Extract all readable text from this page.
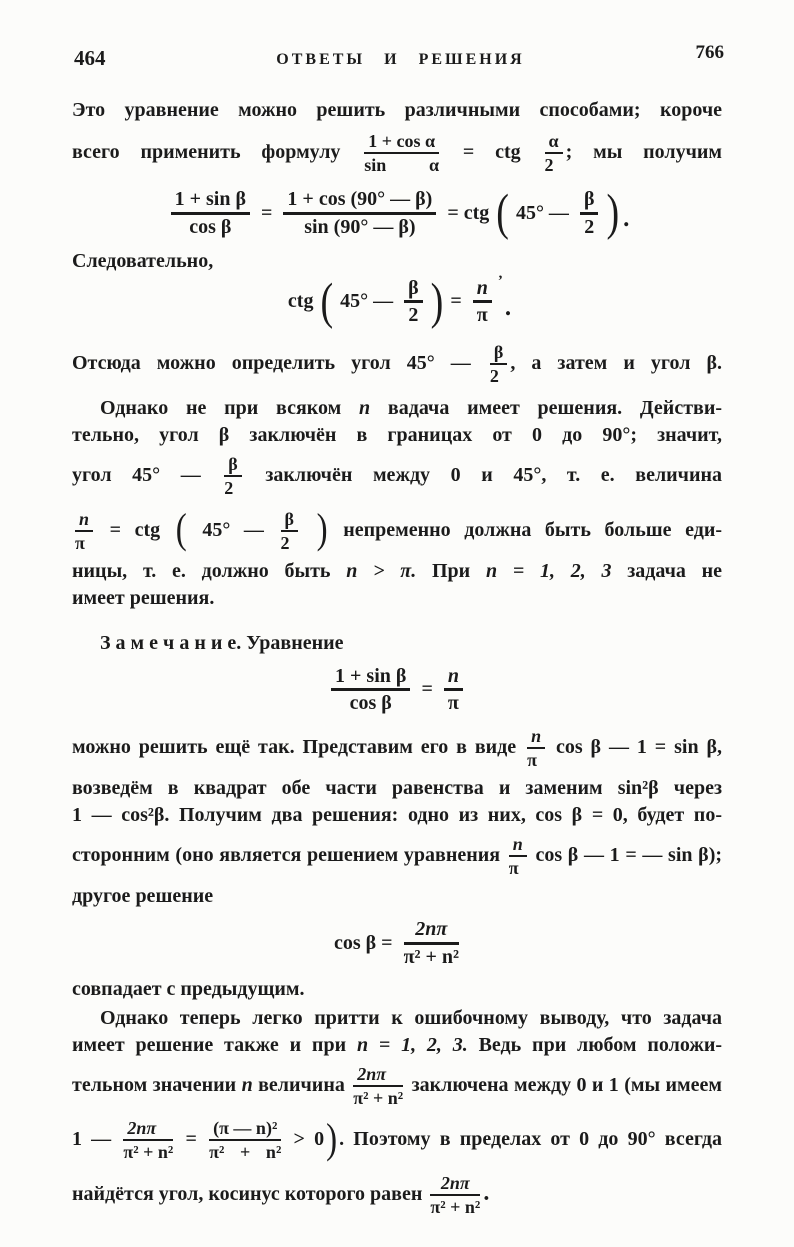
464	ОТВЕТЫ И РЕШЕНИЯ	766
Это уравнение можно решить различными способами; короче
всего применить формулу $\frac{\text{1 + cos α}}{\text{sin α}}$ = ctg $\frac{\alpha}{2}$ ; мы получим
$\frac{\text{1 + sin β}}{\text{cos β}} = \frac{1 + \cos (90^\circ — \beta)}{\sin (90^\circ — \beta)}$ = ctg ( 45° — $\frac{\beta}{2}$ ) .
Следовательно,
ctg ( 45° — $\frac{\beta}{2}$ ) = $\frac{n}{\pi}$ ’
.
Отсюда можно определить угол 45° — $\frac{\beta}{2}$ , а затем и угол β.
Однако не при всяком n вадача имеет решения. Действи-
тельно, угол β заключён в границах от 0 до 90°; значит,
угол 45° — $\frac{\beta}{2}$ заключён между 0 и 45°, т. е. величина
$\frac{n}{\pi}$ = ctg ( 45° — $\frac{\beta}{2}$ ) непременно должна быть больше еди-
ницы, т. е. должно быть n > π. При n = 1, 2, 3 задача не
имеет решения.
З а м е ч а н и е. Уравнение
$\frac{\text{1 + sin β}}{\text{cos β}} = \frac{n}{\pi}$
можно решить ещё так. Представим его в виде $\frac{n}{\pi}$ cos β — 1 = sin β,
возведём в квадрат обе части равенства и заменим sin²β через
1 — cos²β. Получим два решения: одно из них, cos β = 0, будет по-
сторонним (оно является решением уравнения $\frac{n}{\pi}$ cos β — 1 = — sin β);
другое решение
$\cos \beta = \frac{2n\pi}{\text{π² + n²}}$
совпадает с предыдущим.
Однако теперь легко притти к ошибочному выводу, что задача
имеет решение также и при n = 1, 2, 3. Ведь при любом положи-
тельном значении n величина $\frac{2n\pi}{\text{π² + n²}}$ заключена между 0 и 1 (мы имеем
1 — $\frac{2n\pi}{\text{π² + n²}} = \frac{\text{(π — n)²}}{\text{π² + n²}} > 0$) . Поэтому в пределах от 0 до 90° всегда
найдётся угол, косинус которого равен $\frac{2n\pi}{\text{π² + n²}}$ .
